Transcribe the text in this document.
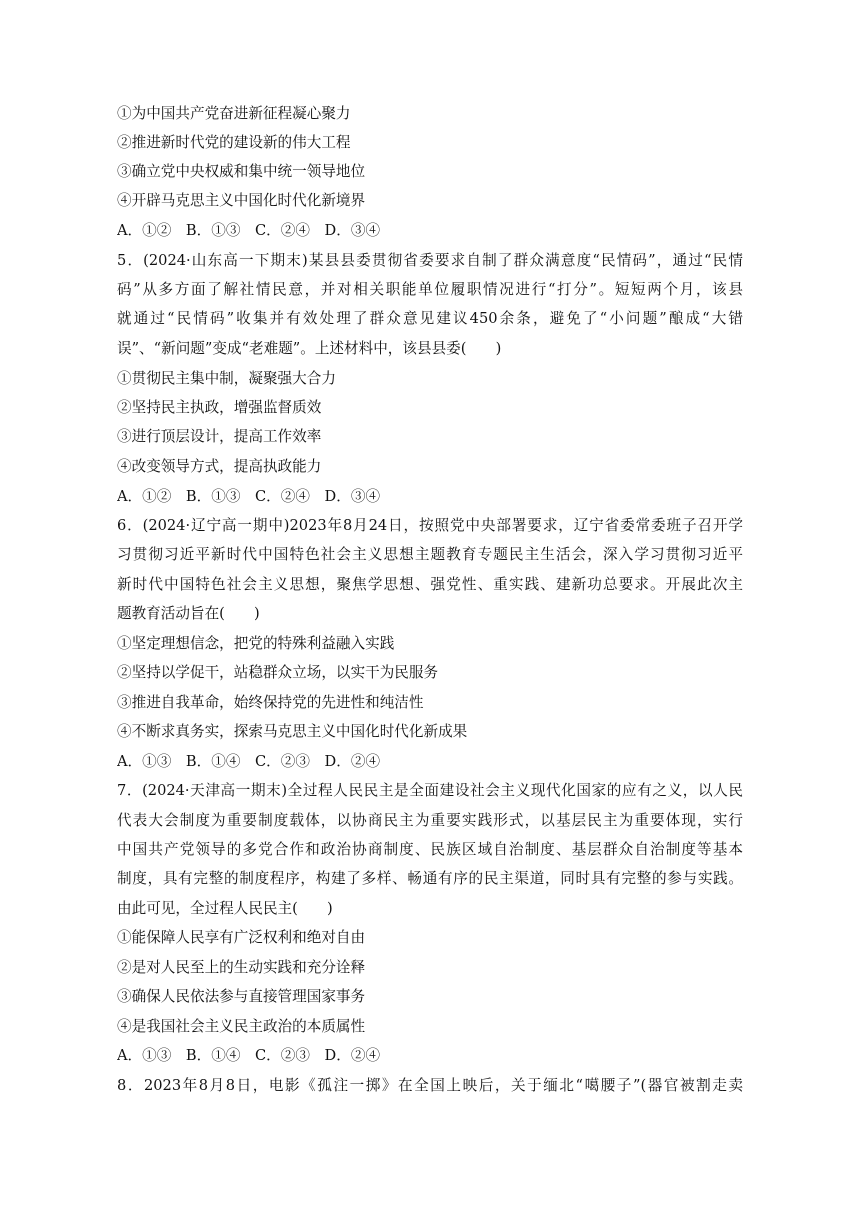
①为中国共产党奋进新征程凝心聚力
②推进新时代党的建设新的伟大工程
③确立党中央权威和集中统一领导地位
④开辟马克思主义中国化时代化新境界
A．①②　B．①③　C．②④　D．③④
5．(2024·山东高一下期末)某县县委贯彻省委要求自制了群众满意度“民情码”，通过“民情
码”从多方面了解社情民意，并对相关职能单位履职情况进行“打分”。短短两个月，该县
就通过“民情码”收集并有效处理了群众意见建议450余条，避免了“小问题”酿成“大错
误”、“新问题”变成“老难题”。上述材料中，该县县委(　　)
①贯彻民主集中制，凝聚强大合力
②坚持民主执政，增强监督质效
③进行顶层设计，提高工作效率
④改变领导方式，提高执政能力
A．①②　B．①③　C．②④　D．③④
6．(2024·辽宁高一期中)2023年8月24日，按照党中央部署要求，辽宁省委常委班子召开学
习贯彻习近平新时代中国特色社会主义思想主题教育专题民主生活会，深入学习贯彻习近平
新时代中国特色社会主义思想，聚焦学思想、强党性、重实践、建新功总要求。开展此次主
题教育活动旨在(　　)
①坚定理想信念，把党的特殊利益融入实践
②坚持以学促干，站稳群众立场，以实干为民服务
③推进自我革命，始终保持党的先进性和纯洁性
④不断求真务实，探索马克思主义中国化时代化新成果
A．①③　B．①④　C．②③　D．②④
7．(2024·天津高一期末)全过程人民民主是全面建设社会主义现代化国家的应有之义，以人民
代表大会制度为重要制度载体，以协商民主为重要实践形式，以基层民主为重要体现，实行
中国共产党领导的多党合作和政治协商制度、民族区域自治制度、基层群众自治制度等基本
制度，具有完整的制度程序，构建了多样、畅通有序的民主渠道，同时具有完整的参与实践。
由此可见，全过程人民民主(　　)
①能保障人民享有广泛权利和绝对自由
②是对人民至上的生动实践和充分诠释
③确保人民依法参与直接管理国家事务
④是我国社会主义民主政治的本质属性
A．①③　B．①④　C．②③　D．②④
8．2023年8月8日，电影《孤注一掷》在全国上映后，关于缅北“噶腰子”(器官被割走卖
